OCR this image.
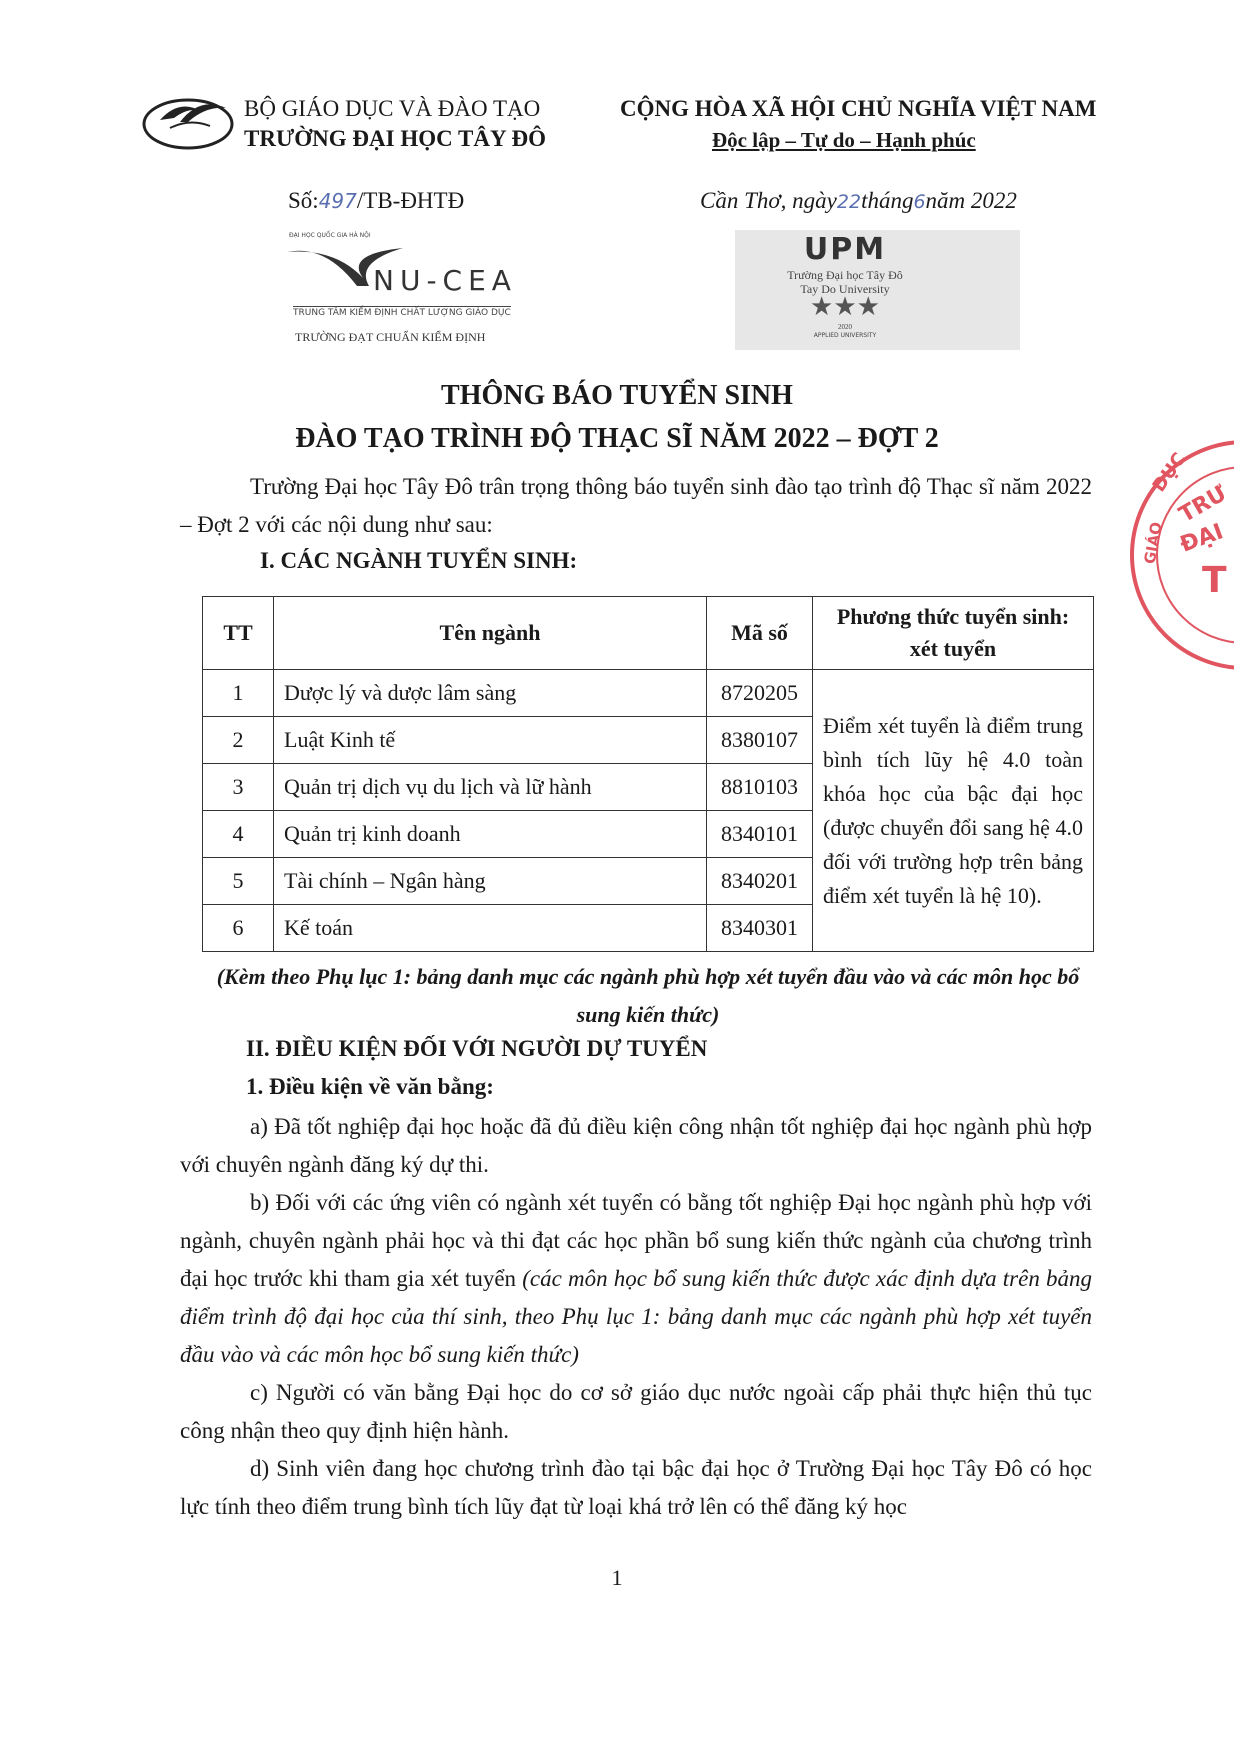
BỘ GIÁO DỤC VÀ ĐÀO TẠO
TRƯỜNG ĐẠI HỌC TÂY ĐÔ
CỘNG HÒA XÃ HỘI CHỦ NGHĨA VIỆT NAM
Độc lập – Tự do – Hạnh phúc
Số:497/TB-ĐHTĐ	Cần Thơ, ngày22tháng6năm 2022
ĐẠI HỌC QUỐC GIA HÀ NỘI
NU-CEA
TRUNG TÂM KIỂM ĐỊNH CHẤT LƯỢNG GIÁO DỤC
TRƯỜNG ĐẠT CHUẨN KIỂM ĐỊNH
UPM
Trường Đại học Tây Đô
Tay Do University
★★★
2020
APPLIED UNIVERSITY
THÔNG BÁO TUYỂN SINH
ĐÀO TẠO TRÌNH ĐỘ THẠC SĨ NĂM 2022 – ĐỢT 2
Trường Đại học Tây Đô trân trọng thông báo tuyển sinh đào tạo trình độ Thạc sĩ năm 2022 – Đợt 2 với các nội dung như sau:
I. CÁC NGÀNH TUYỂN SINH:
TT	Tên ngành	Mã số	Phương thức tuyển sinh: xét tuyển
1	Dược lý và dược lâm sàng	8720205	Điểm xét tuyển là điểm trung bình tích lũy hệ 4.0 toàn khóa học của bậc đại học (được chuyển đổi sang hệ 4.0 đối với trường hợp trên bảng điểm xét tuyển là hệ 10).
2	Luật Kinh tế	8380107	
3	Quản trị dịch vụ du lịch và lữ hành	8810103	
4	Quản trị kinh doanh	8340101	
5	Tài chính – Ngân hàng	8340201	
6	Kế toán	8340301	
(Kèm theo Phụ lục 1: bảng danh mục các ngành phù hợp xét tuyển đầu vào và các môn học bổ sung kiến thức)
II. ĐIỀU KIỆN ĐỐI VỚI NGƯỜI DỰ TUYỂN
1. Điều kiện về văn bằng:
a) Đã tốt nghiệp đại học hoặc đã đủ điều kiện công nhận tốt nghiệp đại học ngành phù hợp với chuyên ngành đăng ký dự thi.
b) Đối với các ứng viên có ngành xét tuyển có bằng tốt nghiệp Đại học ngành phù hợp với ngành, chuyên ngành phải học và thi đạt các học phần bổ sung kiến thức ngành của chương trình đại học trước khi tham gia xét tuyển (các môn học bổ sung kiến thức được xác định dựa trên bảng điểm trình độ đại học của thí sinh, theo Phụ lục 1: bảng danh mục các ngành phù hợp xét tuyển đầu vào và các môn học bổ sung kiến thức)
c) Người có văn bằng Đại học do cơ sở giáo dục nước ngoài cấp phải thực hiện thủ tục công nhận theo quy định hiện hành.
d) Sinh viên đang học chương trình đào tại bậc đại học ở Trường Đại học Tây Đô có học lực tính theo điểm trung bình tích lũy đạt từ loại khá trở lên có thể đăng ký học
1
DỤC
TRƯ
ĐẠI
GIÁO
T
